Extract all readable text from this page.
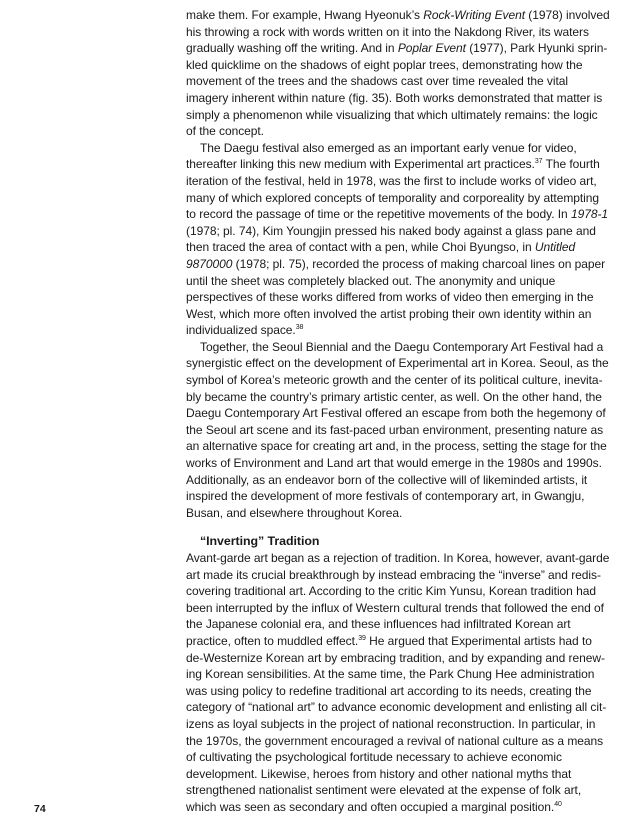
make them. For example, Hwang Hyeonuk’s Rock-Writing Event (1978) involved his throwing a rock with words written on it into the Nakdong River, its waters gradually washing off the writing. And in Poplar Event (1977), Park Hyunki sprinkled quicklime on the shadows of eight poplar trees, demonstrating how the movement of the trees and the shadows cast over time revealed the vital imagery inherent within nature (fig. 35). Both works demonstrated that matter is simply a phenomenon while visualizing that which ultimately remains: the logic of the concept.

The Daegu festival also emerged as an important early venue for video, thereafter linking this new medium with Experimental art practices.$^{37}$ The fourth iteration of the festival, held in 1978, was the first to include works of video art, many of which explored concepts of temporality and corporeality by attempting to record the passage of time or the repetitive movements of the body. In 1978-1 (1978; pl. 74), Kim Youngjin pressed his naked body against a glass pane and then traced the area of contact with a pen, while Choi Byungso, in Untitled 9870000 (1978; pl. 75), recorded the process of making charcoal lines on paper until the sheet was completely blacked out. The anonymity and unique perspectives of these works differed from works of video then emerging in the West, which more often involved the artist probing their own identity within an individualized space.$^{38}$

Together, the Seoul Biennial and the Daegu Contemporary Art Festival had a synergistic effect on the development of Experimental art in Korea. Seoul, as the symbol of Korea’s meteoric growth and the center of its political culture, inevitably became the country’s primary artistic center, as well. On the other hand, the Daegu Contemporary Art Festival offered an escape from both the hegemony of the Seoul art scene and its fast-paced urban environment, presenting nature as an alternative space for creating art and, in the process, setting the stage for the works of Environment and Land art that would emerge in the 1980s and 1990s. Additionally, as an endeavor born of the collective will of likeminded artists, it inspired the development of more festivals of contemporary art, in Gwangju, Busan, and elsewhere throughout Korea.

“Inverting” Tradition

Avant-garde art began as a rejection of tradition. In Korea, however, avant-garde art made its crucial breakthrough by instead embracing the “inverse” and rediscovering traditional art. According to the critic Kim Yunsu, Korean tradition had been interrupted by the influx of Western cultural trends that followed the end of the Japanese colonial era, and these influences had infiltrated Korean art practice, often to muddled effect.$^{39}$ He argued that Experimental artists had to de-Westernize Korean art by embracing tradition, and by expanding and renewing Korean sensibilities. At the same time, the Park Chung Hee administration was using policy to redefine traditional art according to its needs, creating the category of “national art” to advance economic development and enlisting all citizens as loyal subjects in the project of national reconstruction. In particular, in the 1970s, the government encouraged a revival of national culture as a means of cultivating the psychological fortitude necessary to achieve economic development. Likewise, heroes from history and other national myths that strengthened nationalist sentiment were elevated at the expense of folk art, which was seen as secondary and often occupied a marginal position.$^{40}$

74
